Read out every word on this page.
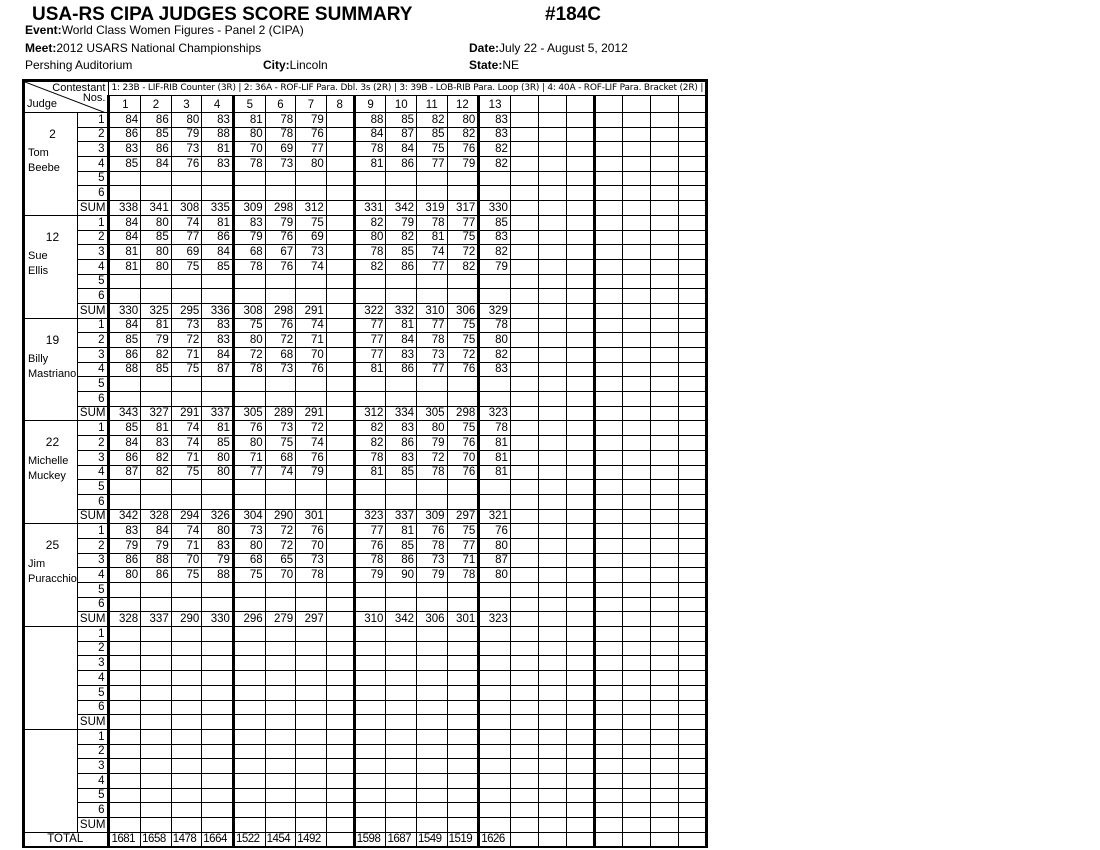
USA-RS CIPA JUDGES SCORE SUMMARY	#184C
Event:World Class Women Figures - Panel 2 (CIPA)
Meet:2012 USARS National Championships	Date:July 22 - August 5, 2012
Pershing Auditorium	City:Lincoln	State:NE
Contestant
Nos.
Judge		1: 23B - LIF-RIB Counter (3R) | 2: 36A - ROF-LIF Para. Dbl. 3s (2R) | 3: 39B - LOB-RIB Para. Loop (3R) | 4: 40A - ROF-LIF Para. Bracket (2R) |																			
		1	2	3	4	5	6	7	8	9	10	11	12	13							

2
Tom
Beebe	1	84	86	80	83	81	78	79		88	85	82	80	83							
	2	86	85	79	88	80	78	76		84	87	85	82	83							
	3	83	86	73	81	70	69	77		78	84	75	76	82							
	4	85	84	76	83	78	73	80		81	86	77	79	82							
	5																				
	6																				
	SUM	338	341	308	335	309	298	312		331	342	319	317	330							

12
Sue
Ellis	1	84	80	74	81	83	79	75		82	79	78	77	85							
	2	84	85	77	86	79	76	69		80	82	81	75	83							
	3	81	80	69	84	68	67	73		78	85	74	72	82							
	4	81	80	75	85	78	76	74		82	86	77	82	79							
	5																				
	6																				
	SUM	330	325	295	336	308	298	291		322	332	310	306	329							

19
Billy
Mastriano	1	84	81	73	83	75	76	74		77	81	77	75	78							
	2	85	79	72	83	80	72	71		77	84	78	75	80							
	3	86	82	71	84	72	68	70		77	83	73	72	82							
	4	88	85	75	87	78	73	76		81	86	77	76	83							
	5																				
	6																				
	SUM	343	327	291	337	305	289	291		312	334	305	298	323							

22
Michelle
Muckey	1	85	81	74	81	76	73	72		82	83	80	75	78							
	2	84	83	74	85	80	75	74		82	86	79	76	81							
	3	86	82	71	80	71	68	76		78	83	72	70	81							
	4	87	82	75	80	77	74	79		81	85	78	76	81							
	5																				
	6																				
	SUM	342	328	294	326	304	290	301		323	337	309	297	321							

25
Jim
Puracchio	1	83	84	74	80	73	72	76		77	81	76	75	76							
	2	79	79	71	83	80	72	70		76	85	78	77	80							
	3	86	88	70	79	68	65	73		78	86	73	71	87							
	4	80	86	75	88	75	70	78		79	90	79	78	80							
	5																				
	6																				
	SUM	328	337	290	330	296	279	297		310	342	306	301	323							

	1																				
	2																				
	3																				
	4																				
	5																				
	6																				
	SUM																				

	1																				
	2																				
	3																				
	4																				
	5																				
	6																				
	SUM																				
TOTAL		1681	1658	1478	1664	1522	1454	1492		1598	1687	1549	1519	1626							
